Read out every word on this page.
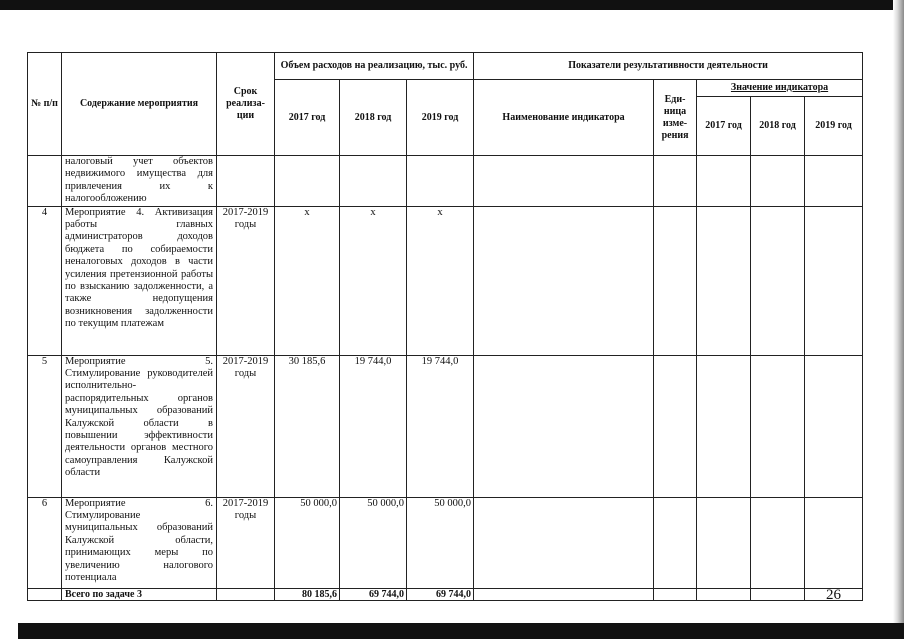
№ п/п	Содержание мероприятия	Срок реализа-ции	Объем расходов на реализацию, тыс. руб.			Показатели результативности деятельности				
			2017 год	2018 год	2019 год	Наименование индикатора	Еди-ница изме-рения	Значение индикатора		
								2017 год	2018 год	2019 год
	налоговый учет объектов недвижимого имущества для привлечения их к налогообложению									
4	Мероприятие 4. Активизация работы главных администраторов доходов бюджета по собираемости неналоговых доходов в части усиления претензионной работы по взысканию задолженности, а также недопущения возникновения задолженности по текущим платежам	2017-2019 годы	x	x	x					
5	Мероприятие 5. Стимулирование руководителей исполнительно-распорядительных органов муниципальных образований Калужской области в повышении эффективности деятельности органов местного самоуправления Калужской области	2017-2019 годы	30 185,6	19 744,0	19 744,0					
6	Мероприятие 6. Стимулирование муниципальных образований Калужской области, принимающих меры по увеличению налогового потенциала	2017-2019 годы	50 000,0	50 000,0	50 000,0					
	Всего по задаче 3		80 185,6	69 744,0	69 744,0						26
